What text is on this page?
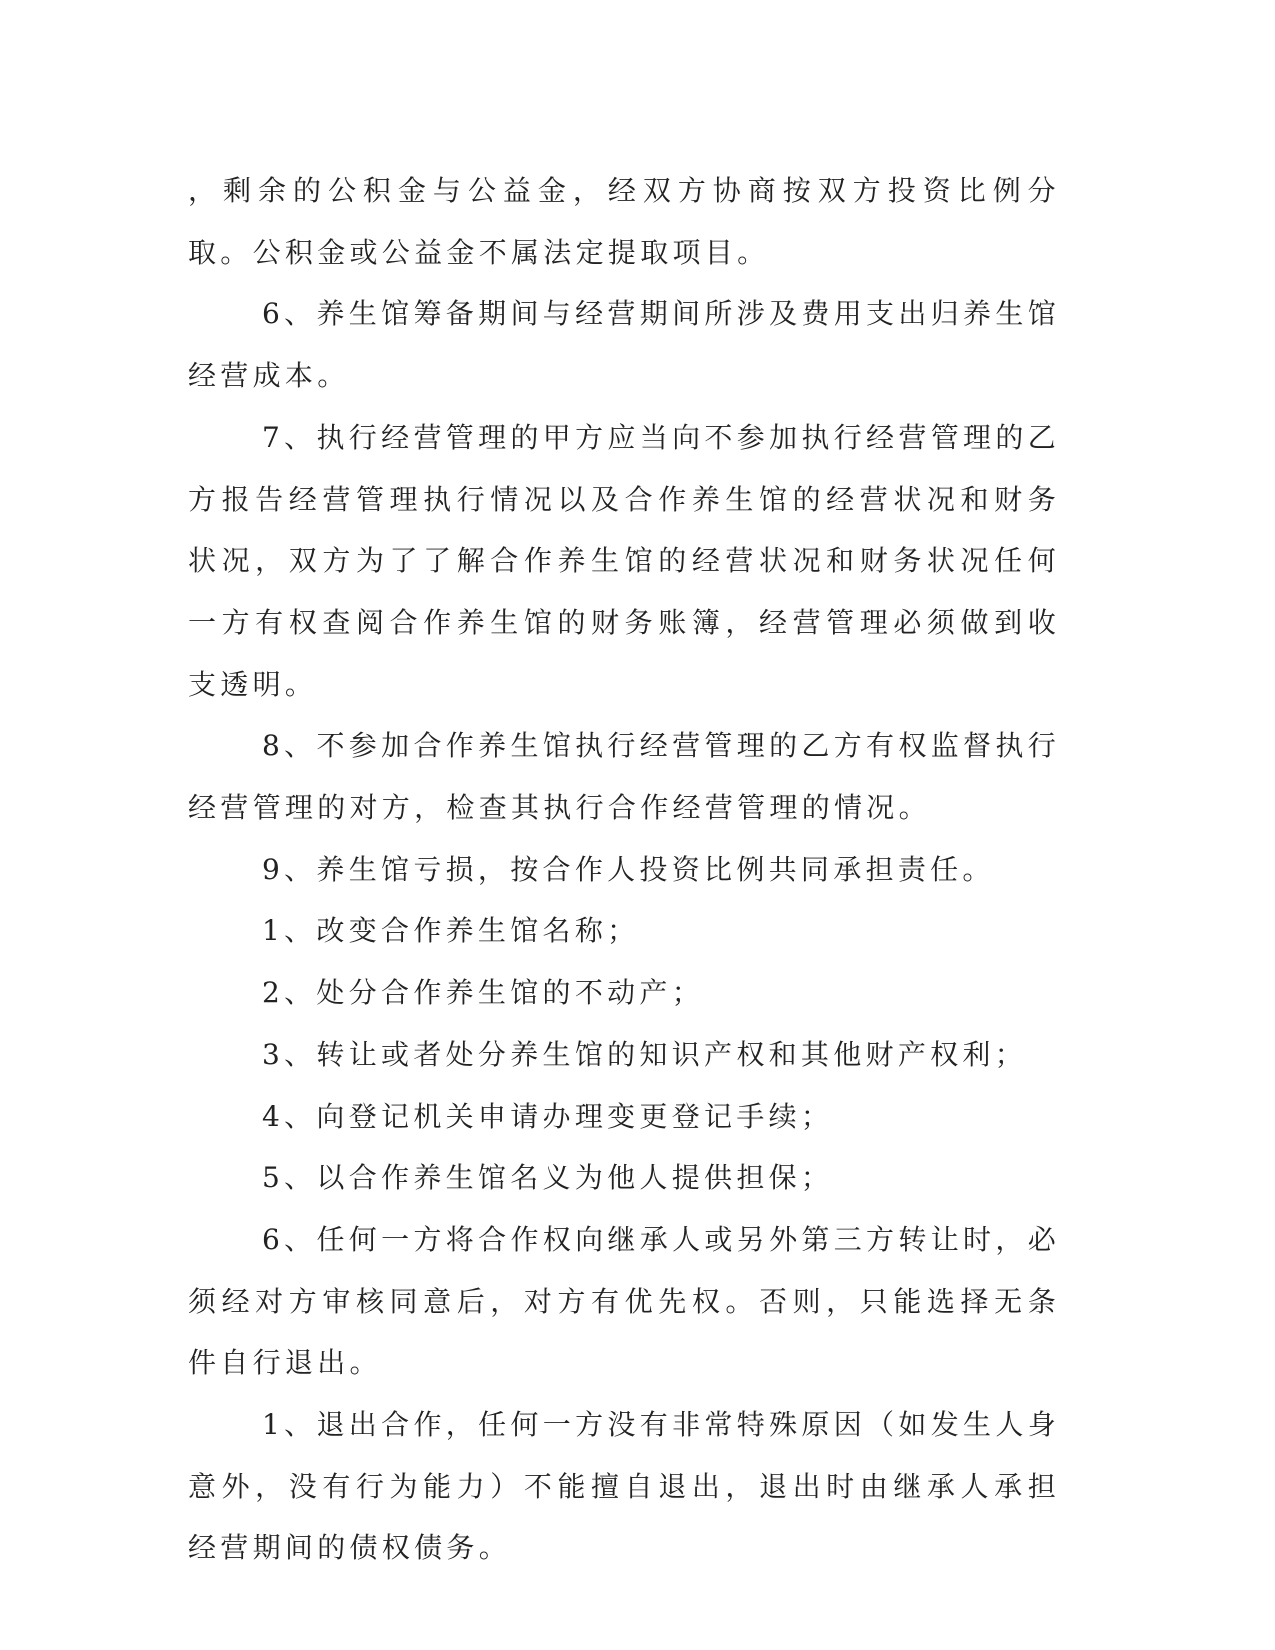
，剩余的公积金与公益金，经双方协商按双方投资比例分取。公积金或公益金不属法定提取项目。

6、养生馆筹备期间与经营期间所涉及费用支出归养生馆经营成本。

7、执行经营管理的甲方应当向不参加执行经营管理的乙方报告经营管理执行情况以及合作养生馆的经营状况和财务状况，双方为了了解合作养生馆的经营状况和财务状况任何一方有权查阅合作养生馆的财务账簿，经营管理必须做到收支透明。

8、不参加合作养生馆执行经营管理的乙方有权监督执行经营管理的对方，检查其执行合作经营管理的情况。

9、养生馆亏损，按合作人投资比例共同承担责任。

1、改变合作养生馆名称；

2、处分合作养生馆的不动产；

3、转让或者处分养生馆的知识产权和其他财产权利；

4、向登记机关申请办理变更登记手续；

5、以合作养生馆名义为他人提供担保；

6、任何一方将合作权向继承人或另外第三方转让时，必须经对方审核同意后，对方有优先权。否则，只能选择无条件自行退出。

1、退出合作，任何一方没有非常特殊原因（如发生人身意外，没有行为能力）不能擅自退出，退出时由继承人承担经营期间的债权债务。
